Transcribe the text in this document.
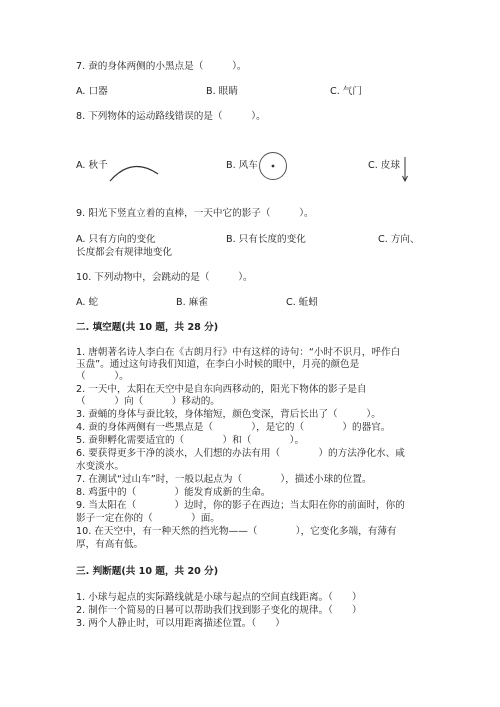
7. 蚕的身体两侧的小黑点是（　　　）。
A. 口器	B. 眼睛	C. 气门
8. 下列物体的运动路线错误的是（　　　）。
A. 秋千	B. 风车	C. 皮球
9. 阳光下竖直立着的直棒，一天中它的影子（　　　）。
A. 只有方向的变化	B. 只有长度的变化	C. 方向、
长度都会有规律地变化
10. 下列动物中，会跳动的是（　　　）。
A. 蛇	B. 麻雀	C. 蚯蚓
二. 填空题(共 10 题，共 28 分)
1. 唐朝著名诗人李白在《古朗月行》中有这样的诗句：“小时不识月，呼作白
玉盘”。通过这句诗我们知道，在李白小时候的眼中，月亮的颜色是
（　　　）。
2. 一天中，太阳在天空中是自东向西移动的，阳光下物体的影子是自
（　　　）向（　　　）移动的。
3. 蚕蛹的身体与蚕比较，身体缩短，颜色变深，背后长出了（　　　）。
4. 蚕的身体两侧有一些黑点是（　　　　），是它的（　　　　）的器官。
5. 蚕卵孵化需要适宜的（　　　　）和（　　　　）。
6. 要获得更多干净的淡水，人们想的办法有用（　　　　）的方法净化水、咸
水变淡水。
7. 在测试“过山车”时，一般以起点为（　　　　），描述小球的位置。
8. 鸡蛋中的（　　　　）能发育成新的生命。
9. 当太阳在（　　　　）边时，你的影子在西边；当太阳在你的前面时，你的
影子一定在你的（　　　　）面。
10. 在天空中，有一种天然的挡光物——（　　　　），它变化多端，有薄有
厚，有高有低。
三. 判断题(共 10 题，共 20 分)
1. 小球与起点的实际路线就是小球与起点的空间直线距离。（　　）
2. 制作一个简易的日晷可以帮助我们找到影子变化的规律。（　　）
3. 两个人静止时，可以用距离描述位置。（　　）
